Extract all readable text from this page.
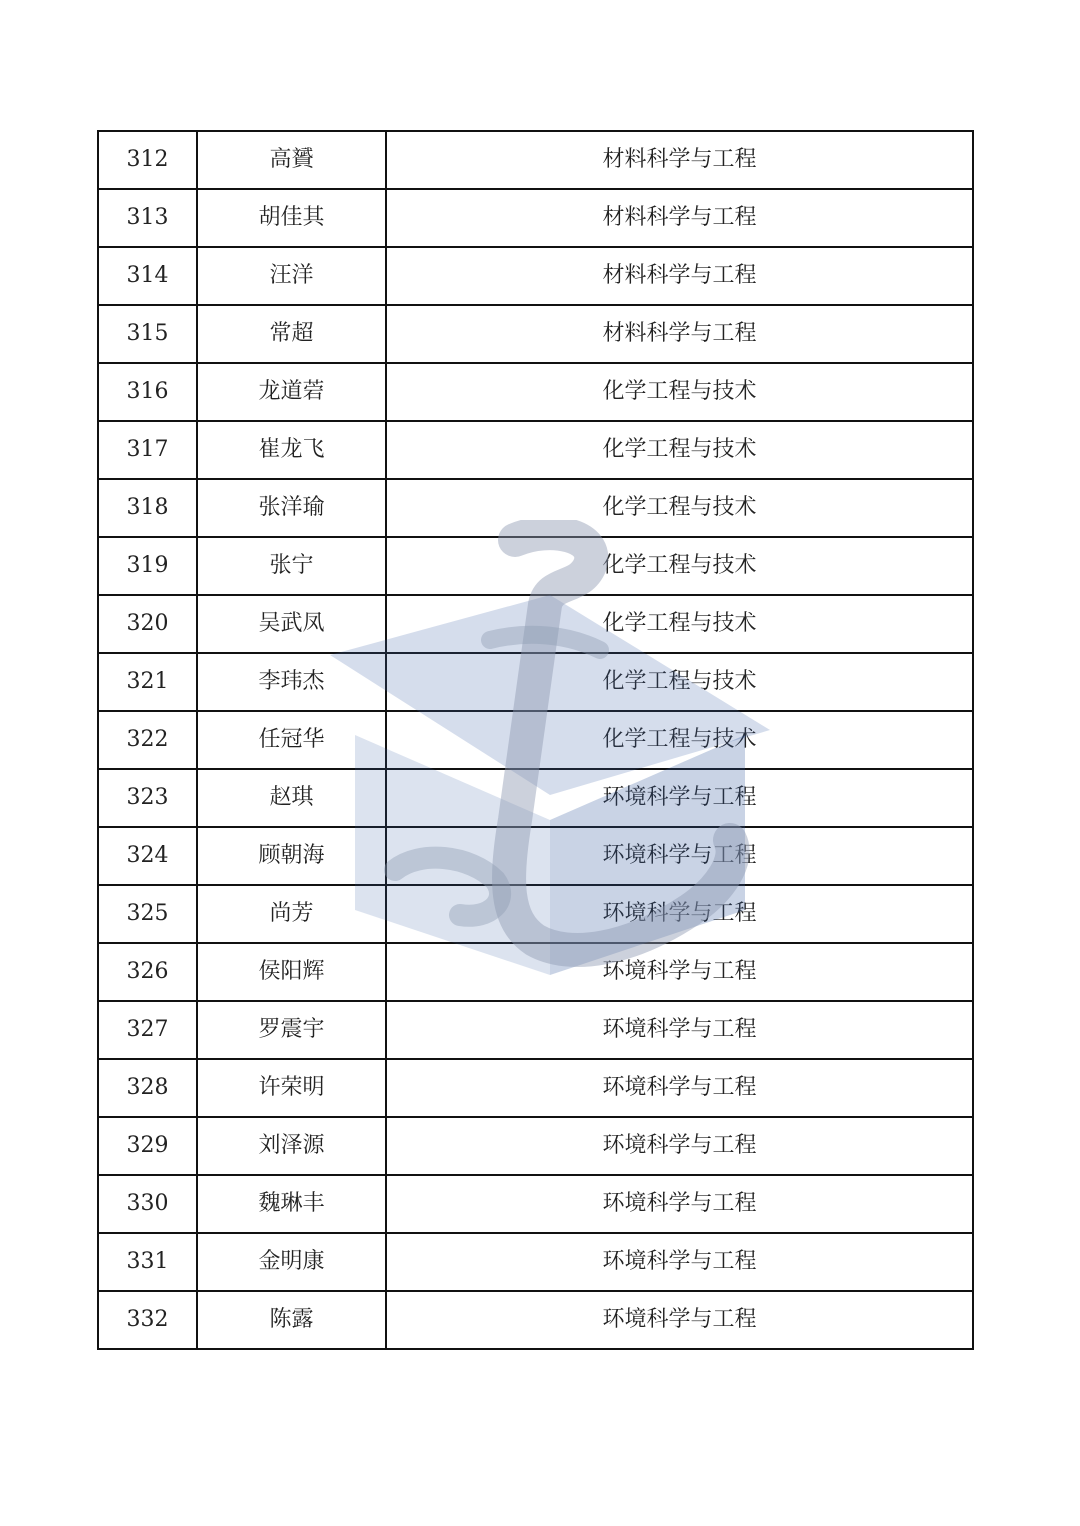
312	高贇	材料科学与工程
313	胡佳其	材料科学与工程
314	汪洋	材料科学与工程
315	常超	材料科学与工程
316	龙道菪	化学工程与技术
317	崔龙飞	化学工程与技术
318	张洋瑜	化学工程与技术
319	张宁	化学工程与技术
320	吴武凤	化学工程与技术
321	李玮杰	化学工程与技术
322	任冠华	化学工程与技术
323	赵琪	环境科学与工程
324	顾朝海	环境科学与工程
325	尚芳	环境科学与工程
326	侯阳辉	环境科学与工程
327	罗震宇	环境科学与工程
328	许荣明	环境科学与工程
329	刘泽源	环境科学与工程
330	魏琳丰	环境科学与工程
331	金明康	环境科学与工程
332	陈露	环境科学与工程
